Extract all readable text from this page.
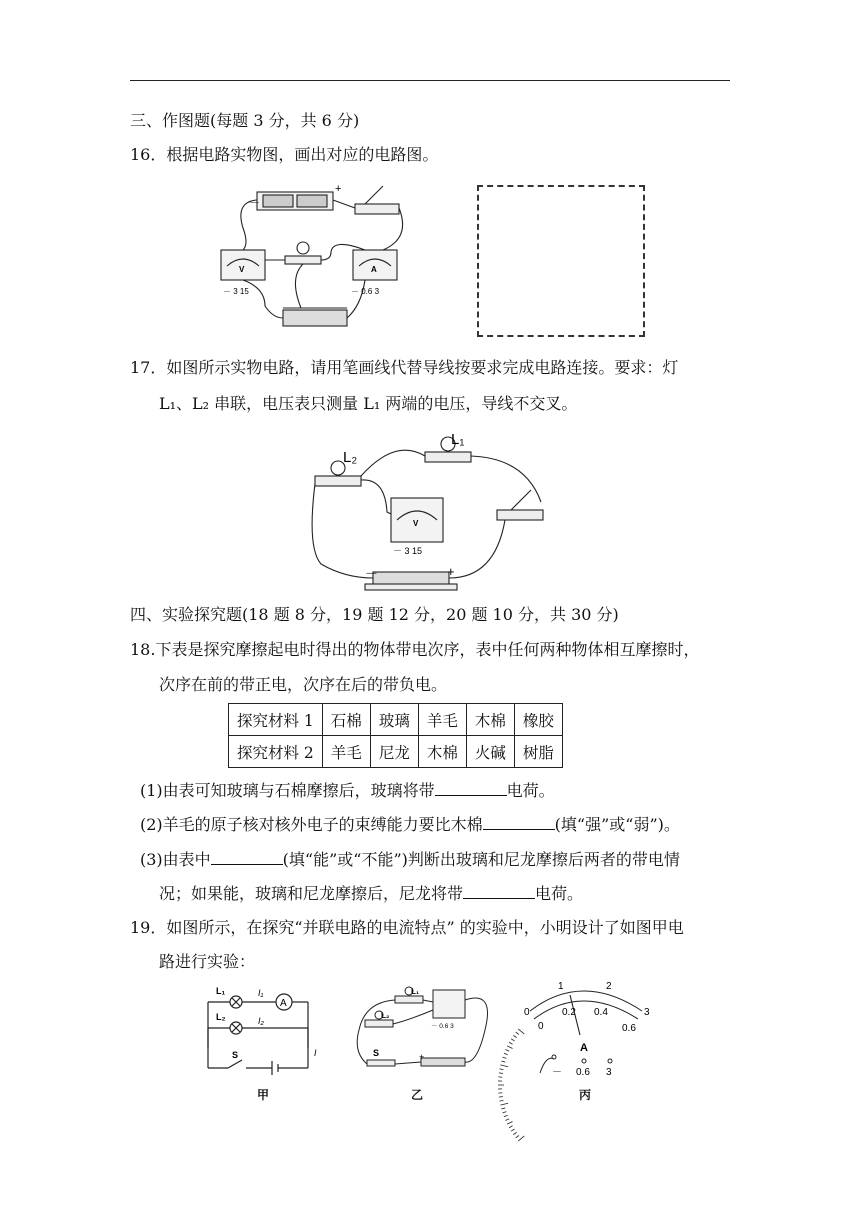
三、作图题(每题 3 分，共 6 分)
16．根据电路实物图，画出对应的电路图。
V
－ 3 15
A
－ 0.6 3
－
+
17．如图所示实物电路，请用笔画线代替导线按要求完成电路连接。要求：灯
L₁、L₂ 串联，电压表只测量 L₁ 两端的电压，导线不交叉。
L₁
L₂
V
－ 3 15
－	+
四、实验探究题(18 题 8 分，19 题 12 分，20 题 10 分，共 30 分)
18.下表是探究摩擦起电时得出的物体带电次序，表中任何两种物体相互摩擦时，
次序在前的带正电，次序在后的带负电。
探究材料 1	石棉	玻璃	羊毛	木棉	橡胶
探究材料 2	羊毛	尼龙	木棉	火碱	树脂
(1)由表可知玻璃与石棉摩擦后，玻璃将带	电荷。
(2)羊毛的原子核对核外电子的束缚能力要比木棉	(填“强”或“弱”)。
(3)由表中	(填“能”或“不能”)判断出玻璃和尼龙摩擦后两者的带电情
况；如果能，玻璃和尼龙摩擦后，尼龙将带	电荷。
19．如图所示，在探究“并联电路的电流特点” 的实验中，小明设计了如图甲电
路进行实验：
L₁	I₁
A
L₂	I₂
I
S
L₁
L₂
S
－ 0.6 3
+
0
1	2
3
0
0.2 0.4
0.6
A
－ 0.6 3
甲	乙	丙
